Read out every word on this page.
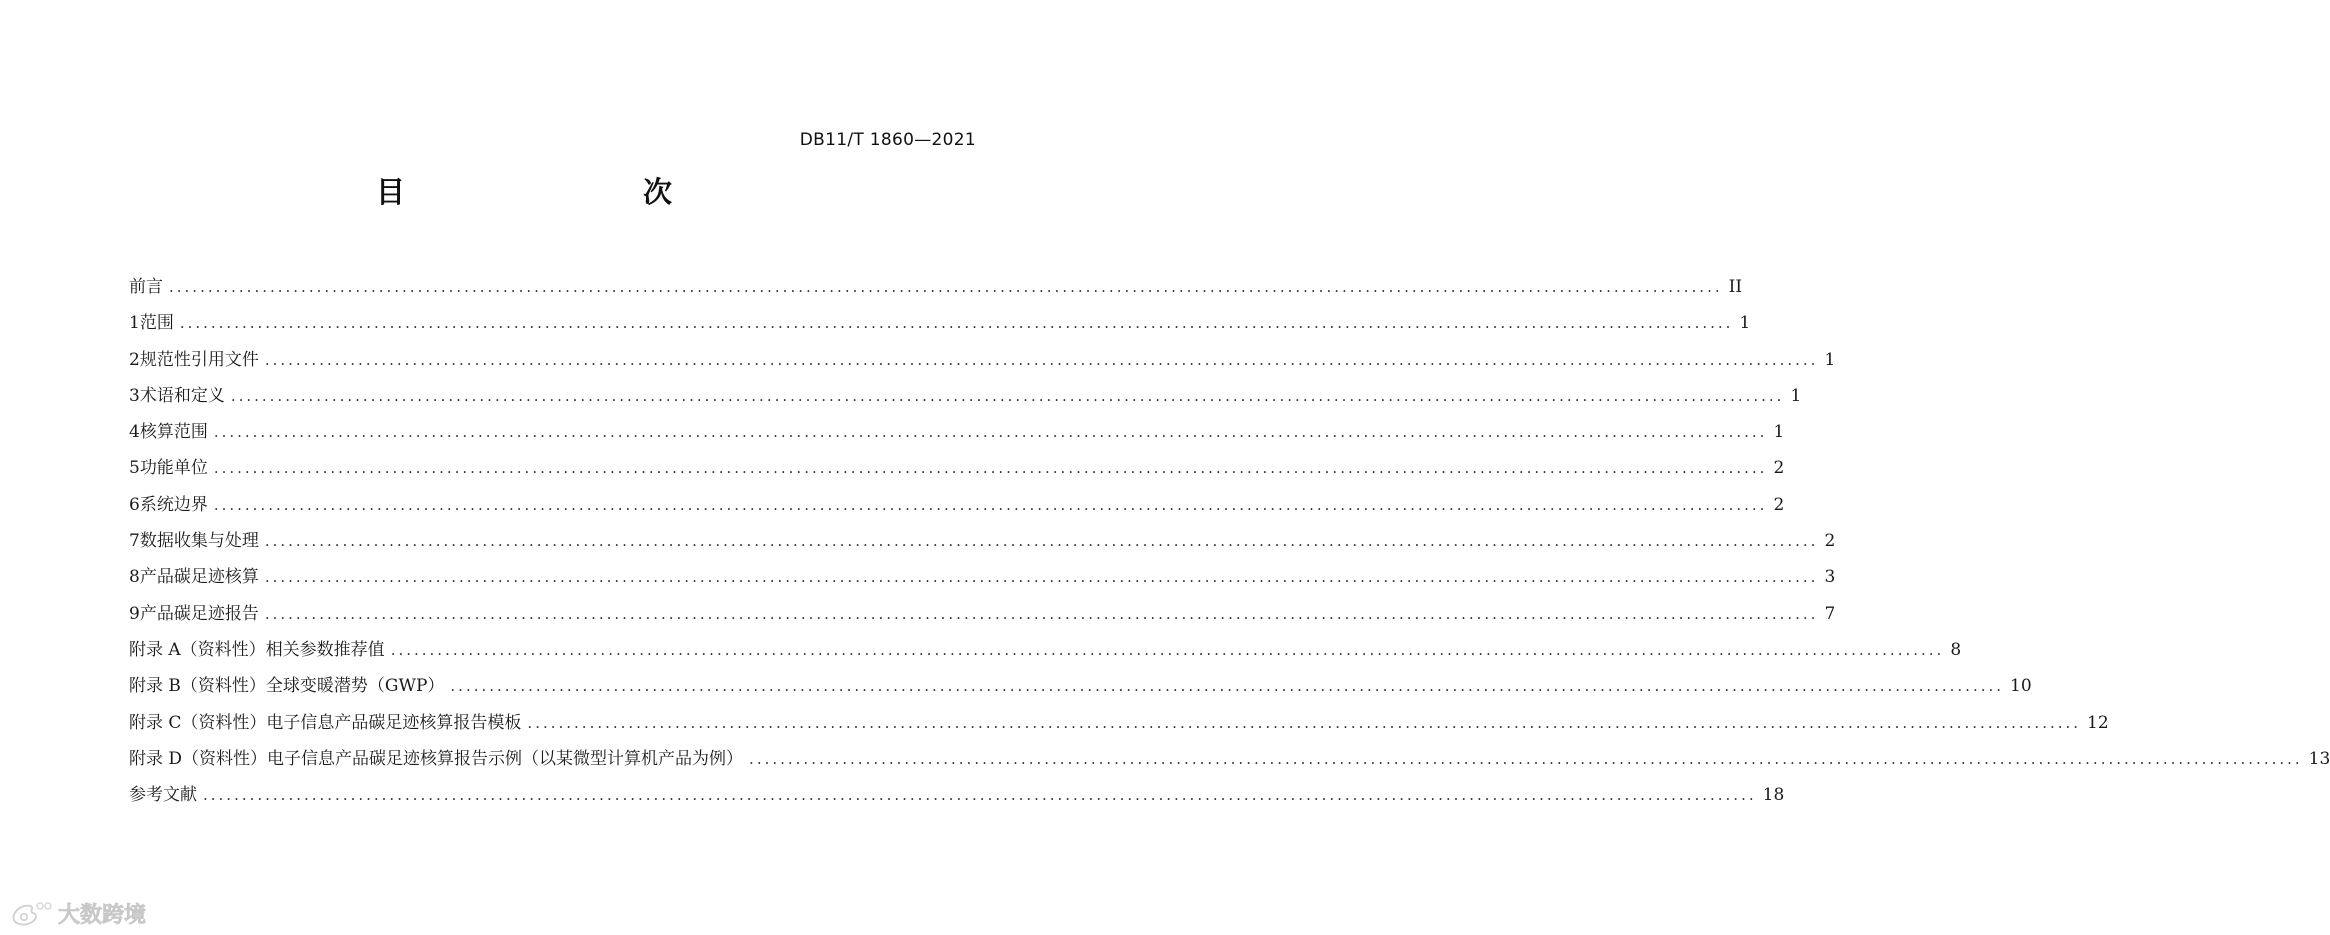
DB11/T 1860—2021
目　　次
前言 ........................................................................................................................................................................................................ II
1 范围 ........................................................................................................................................................................................................ 1
2 规范性引用文件 ........................................................................................................................................................................................................ 1
3 术语和定义 ........................................................................................................................................................................................................ 1
4 核算范围 ........................................................................................................................................................................................................ 1
5 功能单位 ........................................................................................................................................................................................................ 2
6 系统边界 ........................................................................................................................................................................................................ 2
7 数据收集与处理 ........................................................................................................................................................................................................ 2
8 产品碳足迹核算 ........................................................................................................................................................................................................ 3
9 产品碳足迹报告 ........................................................................................................................................................................................................ 7
附录 A（资料性） 相关参数推荐值 ........................................................................................................................................................................................................ 8
附录 B（资料性） 全球变暖潜势（GWP） ........................................................................................................................................................................................................ 10
附录 C（资料性） 电子信息产品碳足迹核算报告模板 ........................................................................................................................................................................................................ 12
附录 D（资料性） 电子信息产品碳足迹核算报告示例（以某微型计算机产品为例） ........................................................................................................................................................................................................ 13
参考文献 ........................................................................................................................................................................................................ 18
大数跨境
